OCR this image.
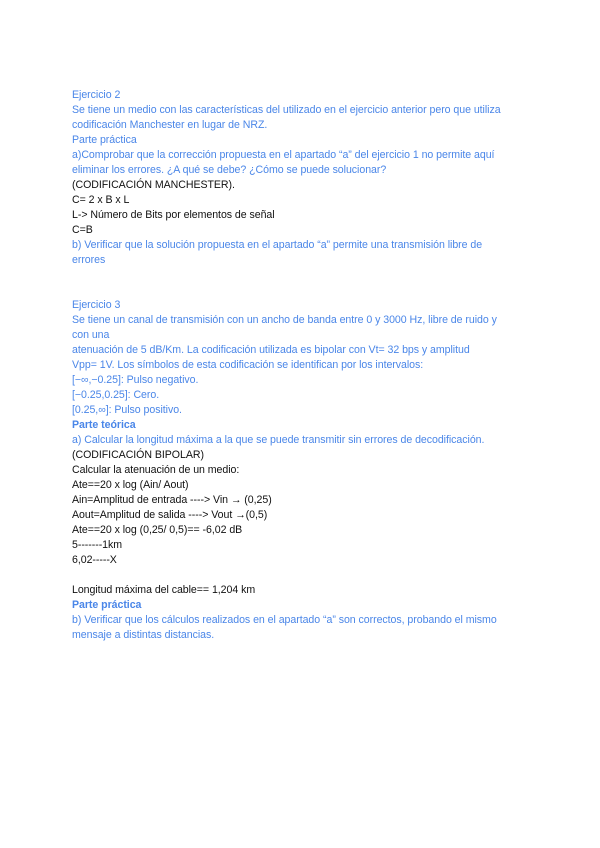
Ejercicio 2
Se tiene un medio con las características del utilizado en el ejercicio anterior pero que utiliza
codificación Manchester en lugar de NRZ.
Parte práctica
a)Comprobar que la corrección propuesta en el apartado “a” del ejercicio 1 no permite aquí
eliminar los errores. ¿A qué se debe? ¿Cómo se puede solucionar?
(CODIFICACIÓN MANCHESTER).
C= 2 x B x L
L-> Número de Bits por elementos de señal
C=B
b) Verificar que la solución propuesta en el apartado “a” permite una transmisión libre de
errores
Ejercicio 3
Se tiene un canal de transmisión con un ancho de banda entre 0 y 3000 Hz, libre de ruido y
con una
atenuación de 5 dB/Km. La codificación utilizada es bipolar con Vt= 32 bps y amplitud
Vpp= 1V. Los símbolos de esta codificación se identifican por los intervalos:
[−∞,−0.25]: Pulso negativo.
[−0.25,0.25]: Cero.
[0.25,∞]: Pulso positivo.
Parte teórica
a) Calcular la longitud máxima a la que se puede transmitir sin errores de decodificación.
(CODIFICACIÓN BIPOLAR)
Calcular la atenuación de un medio:
Ate==20 x log (Ain/ Aout)
Ain=Amplitud de entrada ----> Vin → (0,25)
Aout=Amplitud de salida ----> Vout →(0,5)
Ate==20 x log (0,25/ 0,5)== -6,02 dB
5-------1km
6,02-----X
Longitud máxima del cable== 1,204 km
Parte práctica
b) Verificar que los cálculos realizados en el apartado “a” son correctos, probando el mismo
mensaje a distintas distancias.
